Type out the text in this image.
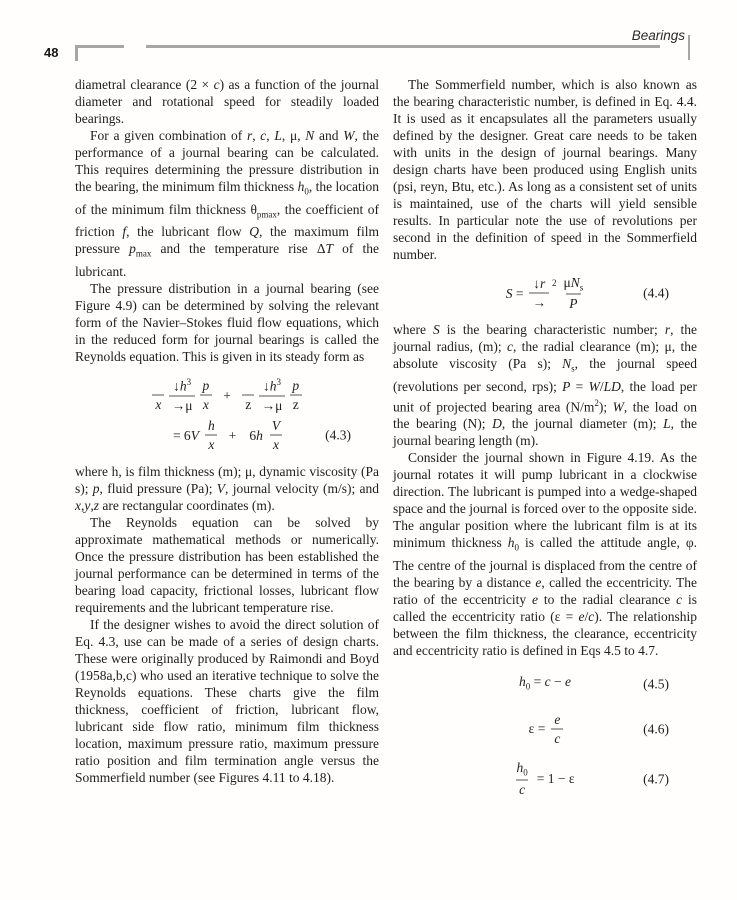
48
Bearings

diametral clearance (2 × c) as a function of the journal diameter and rotational speed for steadily loaded bearings.

For a given combination of r, c, L, μ, N and W, the performance of a journal bearing can be calculated. This requires determining the pressure distribution in the bearing, the minimum film thickness $h_0$, the location of the minimum film thickness $\theta_{pmax}$, the coefficient of friction f, the lubricant flow Q, the maximum film pressure $p_{max}$ and the temperature rise ΔT of the lubricant.

The pressure distribution in a journal bearing (see Figure 4.9) can be determined by solving the relevant form of the Navier–Stokes fluid flow equations, which in the reduced form for journal bearings is called the Reynolds equation. This is given in its steady form as

x
$↓h^3$
→μ
p
x
+

z
$↓h^3$
→μ
p
z
= 6V
h
x
+ 6h
V
x
(4.3)

where h, is film thickness (m); μ, dynamic viscosity (Pa s); p, fluid pressure (Pa); V, journal velocity (m/s); and x,y,z are rectangular coordinates (m).

The Reynolds equation can be solved by approximate mathematical methods or numerically. Once the pressure distribution has been established the journal performance can be determined in terms of the bearing load capacity, frictional losses, lubricant flow requirements and the lubricant temperature rise.

If the designer wishes to avoid the direct solution of Eq. 4.3, use can be made of a series of design charts. These were originally produced by Raimondi and Boyd (1958a,b,c) who used an iterative technique to solve the Reynolds equations. These charts give the film thickness, coefficient of friction, lubricant flow, lubricant side flow ratio, minimum film thickness location, maximum pressure ratio, maximum pressure ratio position and film termination angle versus the Sommerfield number (see Figures 4.11 to 4.18).

The Sommerfield number, which is also known as the bearing characteristic number, is defined in Eq. 4.4. It is used as it encapsulates all the parameters usually defined by the designer. Great care needs to be taken with units in the design of journal bearings. Many design charts have been produced using English units (psi, reyn, Btu, etc.). As long as a consistent set of units is maintained, use of the charts will yield sensible results. In particular note the use of revolutions per second in the definition of speed in the Sommerfield number.

S =
↓r
→
2 $\mu N_s$
P
(4.4)

where S is the bearing characteristic number; r, the journal radius, (m); c, the radial clearance (m); μ, the absolute viscosity (Pa s); $N_s$, the journal speed (revolutions per second, rps); P = W/LD, the load per unit of projected bearing area $(N/m^2)$; W, the load on the bearing (N); D, the journal diameter (m); L, the journal bearing length (m).

Consider the journal shown in Figure 4.19. As the journal rotates it will pump lubricant in a clockwise direction. The lubricant is pumped into a wedge-shaped space and the journal is forced over to the opposite side. The angular position where the lubricant film is at its minimum thickness $h_0$ is called the attitude angle, φ. The centre of the journal is displaced from the centre of the bearing by a distance e, called the eccentricity. The ratio of the eccentricity e to the radial clearance c is called the eccentricity ratio (ε = e/c). The relationship between the film thickness, the clearance, eccentricity and eccentricity ratio is defined in Eqs 4.5 to 4.7.

$h_0 = c - e$	(4.5)
$\varepsilon = \frac{e}{c}$	(4.6)
$\frac{h_0}{c} = 1 - \varepsilon$	(4.7)
